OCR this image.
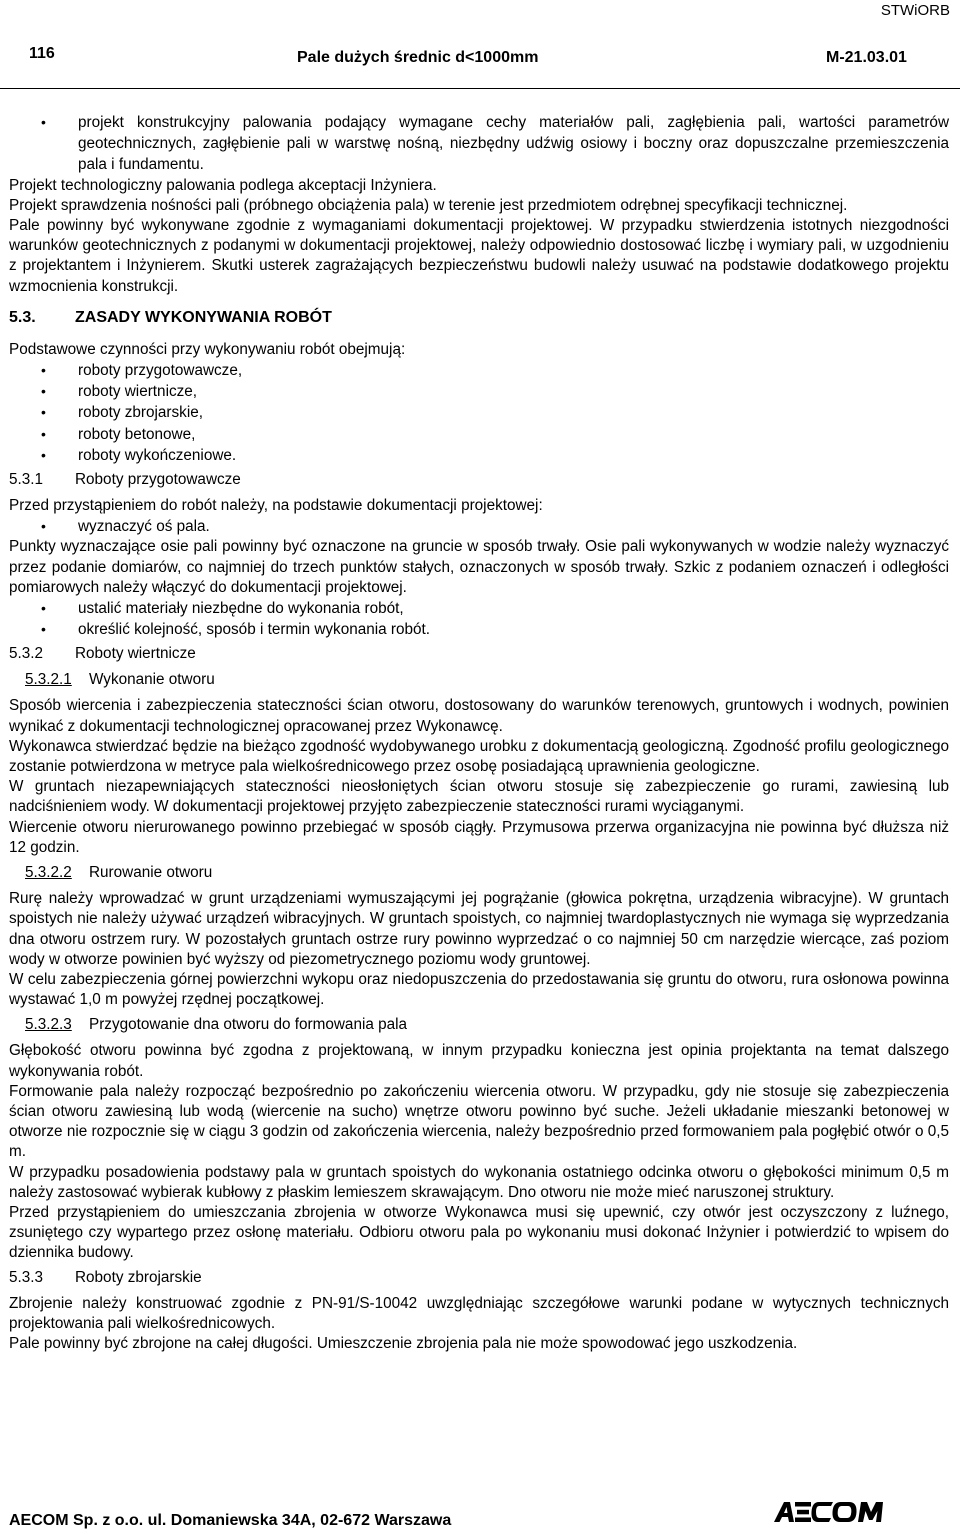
STWiORB
116	Pale dużych średnic d<1000mm	M-21.03.01
• projekt konstrukcyjny palowania podający wymagane cechy materiałów pali, zagłębienia pali, wartości parametrów geotechnicznych, zagłębienie pali w warstwę nośną, niezbędny udźwig osiowy i boczny oraz dopuszczalne przemieszczenia pala i fundamentu.

Projekt technologiczny palowania podlega akceptacji Inżyniera.

Projekt sprawdzenia nośności pali (próbnego obciążenia pala) w terenie jest przedmiotem odrębnej specyfikacji technicznej.

Pale powinny być wykonywane zgodnie z wymaganiami dokumentacji projektowej. W przypadku stwierdzenia istotnych niezgodności warunków geotechnicznych z podanymi w dokumentacji projektowej, należy odpowiednio dostosować liczbę i wymiary pali, w uzgodnieniu z projektantem i Inżynierem. Skutki usterek zagrażających bezpieczeństwu budowli należy usuwać na podstawie dodatkowego projektu wzmocnienia konstrukcji.

5.3. ZASADY WYKONYWANIA ROBÓT

Podstawowe czynności przy wykonywaniu robót obejmują:

• roboty przygotowawcze,
• roboty wiertnicze,
• roboty zbrojarskie,
• roboty betonowe,
• roboty wykończeniowe.
5.3.1 Roboty przygotowawcze

Przed przystąpieniem do robót należy, na podstawie dokumentacji projektowej:

• wyznaczyć oś pala.

Punkty wyznaczające osie pali powinny być oznaczone na gruncie w sposób trwały. Osie pali wykonywanych w wodzie należy wyznaczyć przez podanie domiarów, co najmniej do trzech punktów stałych, oznaczonych w sposób trwały. Szkic z podaniem oznaczeń i odległości pomiarowych należy włączyć do dokumentacji projektowej.

• ustalić materiały niezbędne do wykonania robót,
• określić kolejność, sposób i termin wykonania robót.
5.3.2 Roboty wiertnicze
5.3.2.1 Wykonanie otworu

Sposób wiercenia i zabezpieczenia stateczności ścian otworu, dostosowany do warunków terenowych, gruntowych i wodnych, powinien wynikać z dokumentacji technologicznej opracowanej przez Wykonawcę.

Wykonawca stwierdzać będzie na bieżąco zgodność wydobywanego urobku z dokumentacją geologiczną. Zgodność profilu geologicznego zostanie potwierdzona w metryce pala wielkośrednicowego przez osobę posiadającą uprawnienia geologiczne.

W gruntach niezapewniających stateczności nieosłoniętych ścian otworu stosuje się zabezpieczenie go rurami, zawiesiną lub nadciśnieniem wody. W dokumentacji projektowej przyjęto zabezpieczenie stateczności rurami wyciąganymi.

Wiercenie otworu nierurowanego powinno przebiegać w sposób ciągły. Przymusowa przerwa organizacyjna nie powinna być dłuższa niż 12 godzin.

5.3.2.2 Rurowanie otworu

Rurę należy wprowadzać w grunt urządzeniami wymuszającymi jej pogrążanie (głowica pokrętna, urządzenia wibracyjne). W gruntach spoistych nie należy używać urządzeń wibracyjnych. W gruntach spoistych, co najmniej twardoplastycznych nie wymaga się wyprzedzania dna otworu ostrzem rury. W pozostałych gruntach ostrze rury powinno wyprzedzać o co najmniej 50 cm narzędzie wiercące, zaś poziom wody w otworze powinien być wyższy od piezometrycznego poziomu wody gruntowej.

W celu zabezpieczenia górnej powierzchni wykopu oraz niedopuszczenia do przedostawania się gruntu do otworu, rura osłonowa powinna wystawać 1,0 m powyżej rzędnej początkowej.

5.3.2.3 Przygotowanie dna otworu do formowania pala

Głębokość otworu powinna być zgodna z projektowaną, w innym przypadku konieczna jest opinia projektanta na temat dalszego wykonywania robót.

Formowanie pala należy rozpocząć bezpośrednio po zakończeniu wiercenia otworu. W przypadku, gdy nie stosuje się zabezpieczenia ścian otworu zawiesiną lub wodą (wiercenie na sucho) wnętrze otworu powinno być suche. Jeżeli układanie mieszanki betonowej w otworze nie rozpocznie się w ciągu 3 godzin od zakończenia wiercenia, należy bezpośrednio przed formowaniem pala pogłębić otwór o 0,5 m.

W przypadku posadowienia podstawy pala w gruntach spoistych do wykonania ostatniego odcinka otworu o głębokości minimum 0,5 m należy zastosować wybierak kubłowy z płaskim lemieszem skrawającym. Dno otworu nie może mieć naruszonej struktury.

Przed przystąpieniem do umieszczania zbrojenia w otworze Wykonawca musi się upewnić, czy otwór jest oczyszczony z luźnego, zsuniętego czy wypartego przez osłonę materiału. Odbioru otworu pala po wykonaniu musi dokonać Inżynier i potwierdzić to wpisem do dziennika budowy.

5.3.3 Roboty zbrojarskie

Zbrojenie należy konstruować zgodnie z PN-91/S-10042 uwzględniając szczegółowe warunki podane w wytycznych technicznych projektowania pali wielkośrednicowych.

Pale powinny być zbrojone na całej długości. Umieszczenie zbrojenia pala nie może spowodować jego uszkodzenia.

AECOM Sp. z o.o. ul. Domaniewska 34A, 02-672 Warszawa
